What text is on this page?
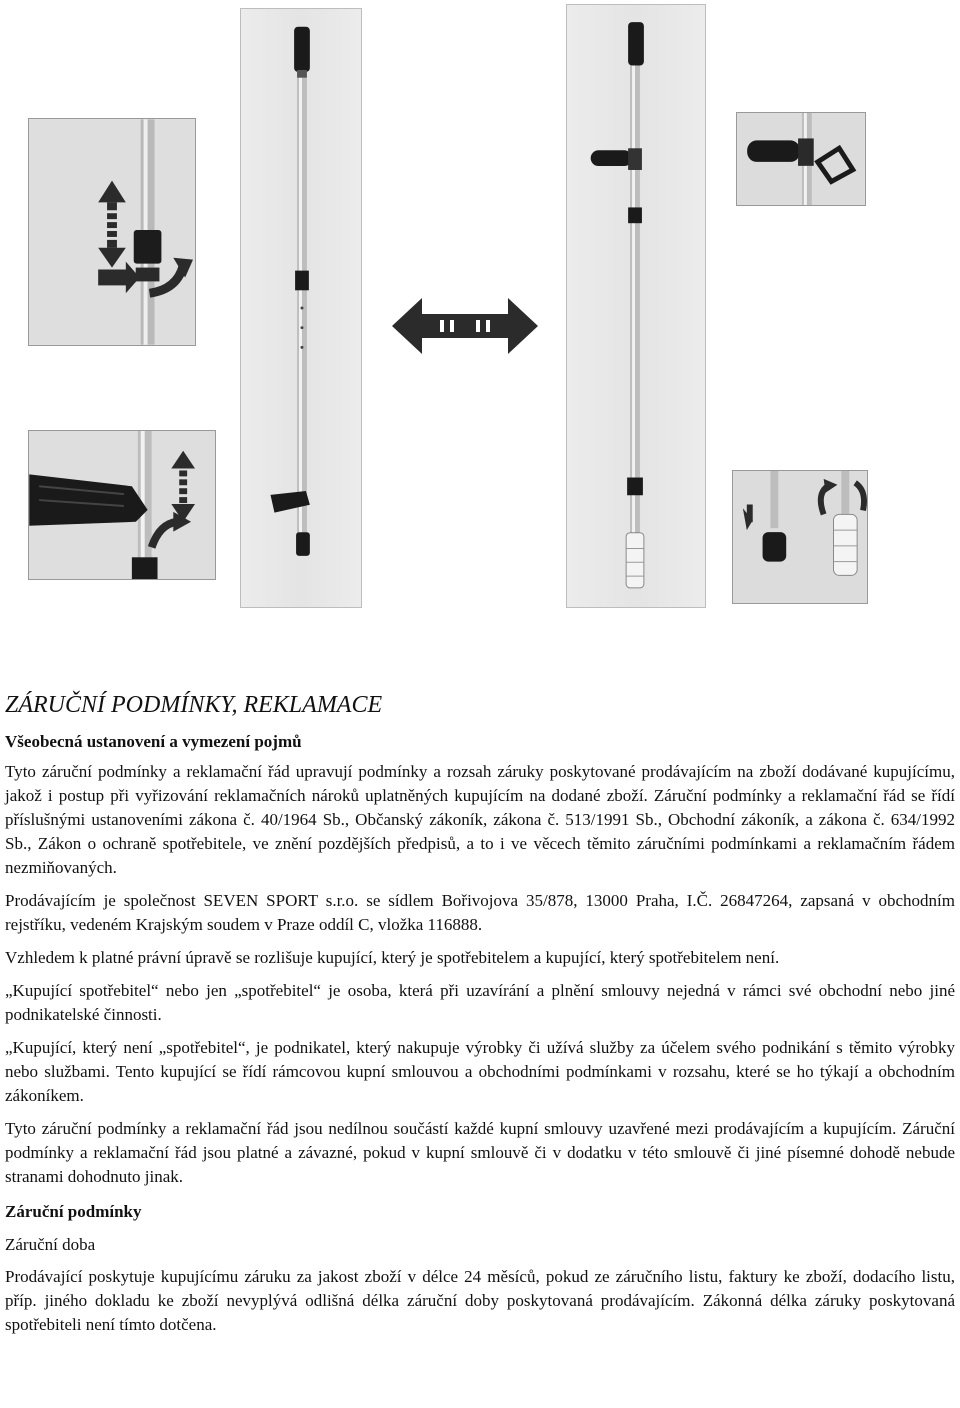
ZÁRUČNÍ PODMÍNKY, REKLAMACE
Všeobecná ustanovení a vymezení pojmů

Tyto záruční podmínky a reklamační řád upravují podmínky a rozsah záruky poskytované prodávajícím na zboží dodávané kupujícímu, jakož i postup při vyřizování reklamačních nároků uplatněných kupujícím na dodané zboží. Záruční podmínky a reklamační řád se řídí příslušnými ustanoveními zákona č. 40/1964 Sb., Občanský zákoník, zákona č. 513/1991 Sb., Obchodní zákoník, a zákona č. 634/1992 Sb., Zákon o ochraně spotřebitele, ve znění pozdějších předpisů, a to i ve věcech těmito záručními podmínkami a reklamačním řádem nezmiňovaných.

Prodávajícím je společnost SEVEN SPORT s.r.o. se sídlem Bořivojova 35/878, 13000 Praha, I.Č. 26847264, zapsaná v obchodním rejstříku, vedeném Krajským soudem v Praze oddíl C, vložka 116888.

Vzhledem k platné právní úpravě se rozlišuje kupující, který je spotřebitelem a kupující, který spotřebitelem není.

„Kupující spotřebitel“ nebo jen „spotřebitel“ je osoba, která při uzavírání a plnění smlouvy nejedná v rámci své obchodní nebo jiné podnikatelské činnosti.

„Kupující, který není „spotřebitel“, je podnikatel, který nakupuje výrobky či užívá služby za účelem svého podnikání s těmito výrobky nebo službami. Tento kupující se řídí rámcovou kupní smlouvou a obchodními podmínkami v rozsahu, které se ho týkají a obchodním zákoníkem.

Tyto záruční podmínky a reklamační řád jsou nedílnou součástí každé kupní smlouvy uzavřené mezi prodávajícím a kupujícím. Záruční podmínky a reklamační řád jsou platné a závazné, pokud v kupní smlouvě či v dodatku v této smlouvě či jiné písemné dohodě nebude stranami dohodnuto jinak.

Záruční podmínky
Záruční doba

Prodávající poskytuje kupujícímu záruku za jakost zboží v délce 24 měsíců, pokud ze záručního listu, faktury ke zboží, dodacího listu, příp. jiného dokladu ke zboží nevyplývá odlišná délka záruční doby poskytovaná prodávajícím. Zákonná délka záruky poskytovaná spotřebiteli není tímto dotčena.
